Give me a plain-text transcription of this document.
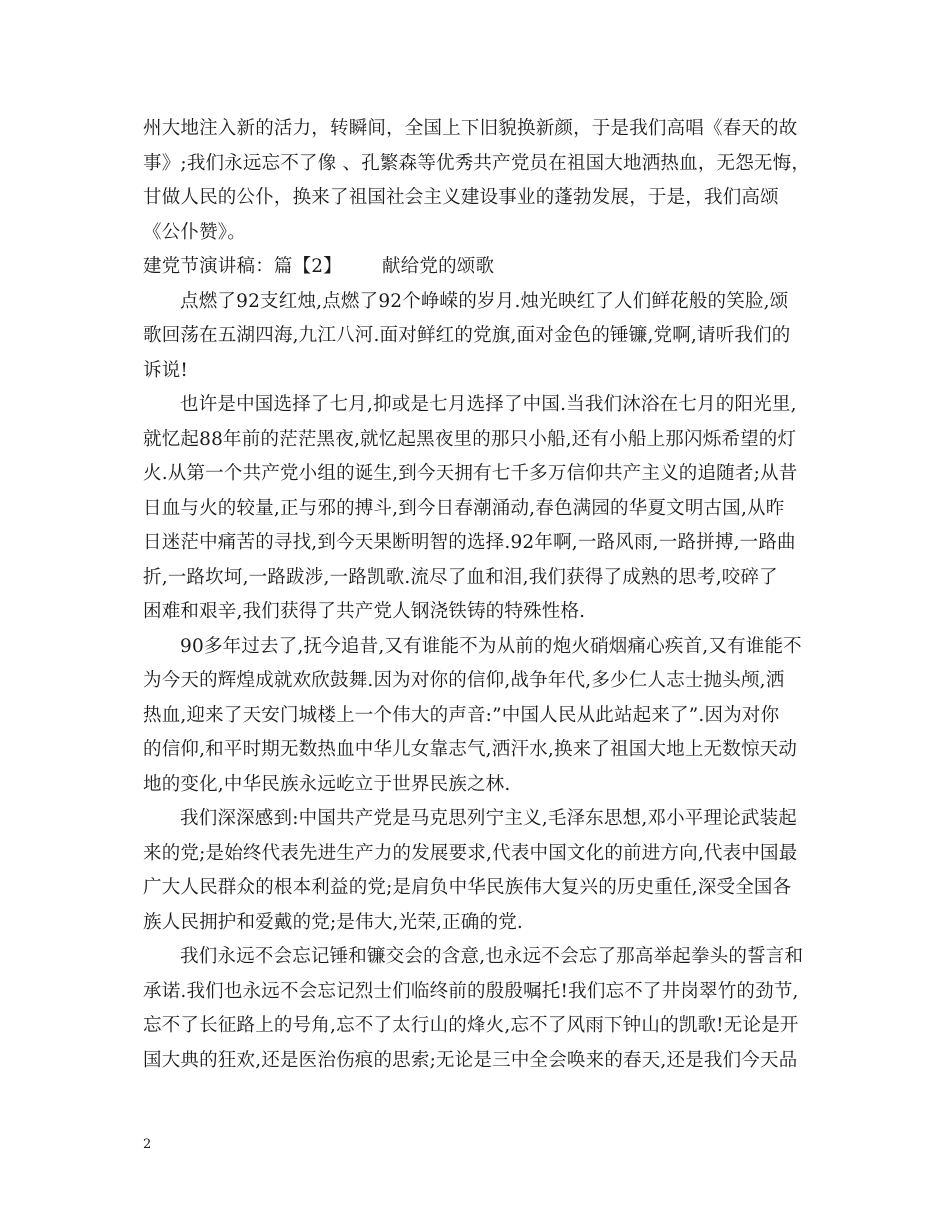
州大地注入新的活力，转瞬间，全国上下旧貌换新颜，于是我们高唱《春天的故
事》;我们永远忘不了像 、孔繁森等优秀共产党员在祖国大地洒热血，无怨无悔，
甘做人民的公仆，换来了祖国社会主义建设事业的蓬勃发展，于是，我们高颂
《公仆赞》。
建党节演讲稿：篇【2】 献给党的颂歌
点燃了92支红烛,点燃了92个峥嵘的岁月.烛光映红了人们鲜花般的笑脸,颂
歌回荡在五湖四海,九江八河.面对鲜红的党旗,面对金色的锤镰,党啊,请听我们的
诉说!
也许是中国选择了七月,抑或是七月选择了中国.当我们沐浴在七月的阳光里,
就忆起88年前的茫茫黑夜,就忆起黑夜里的那只小船,还有小船上那闪烁希望的灯
火.从第一个共产党小组的诞生,到今天拥有七千多万信仰共产主义的追随者;从昔
日血与火的较量,正与邪的搏斗,到今日春潮涌动,春色满园的华夏文明古国,从昨
日迷茫中痛苦的寻找,到今天果断明智的选择.92年啊,一路风雨,一路拼搏,一路曲
折,一路坎坷,一路跋涉,一路凯歌.流尽了血和泪,我们获得了成熟的思考,咬碎了
困难和艰辛,我们获得了共产党人钢浇铁铸的特殊性格.
90多年过去了,抚今追昔,又有谁能不为从前的炮火硝烟痛心疾首,又有谁能不
为今天的辉煌成就欢欣鼓舞.因为对你的信仰,战争年代,多少仁人志士抛头颅,洒
热血,迎来了天安门城楼上一个伟大的声音:”中国人民从此站起来了”.因为对你
的信仰,和平时期无数热血中华儿女靠志气,洒汗水,换来了祖国大地上无数惊天动
地的变化,中华民族永远屹立于世界民族之林.
我们深深感到:中国共产党是马克思列宁主义,毛泽东思想,邓小平理论武装起
来的党;是始终代表先进生产力的发展要求,代表中国文化的前进方向,代表中国最
广大人民群众的根本利益的党;是肩负中华民族伟大复兴的历史重任,深受全国各
族人民拥护和爱戴的党;是伟大,光荣,正确的党.
我们永远不会忘记锤和镰交会的含意,也永远不会忘了那高举起拳头的誓言和
承诺.我们也永远不会忘记烈士们临终前的殷殷嘱托!我们忘不了井岗翠竹的劲节,
忘不了长征路上的号角,忘不了太行山的烽火,忘不了风雨下钟山的凯歌!无论是开
国大典的狂欢,还是医治伤痕的思索;无论是三中全会唤来的春天,还是我们今天品
2
